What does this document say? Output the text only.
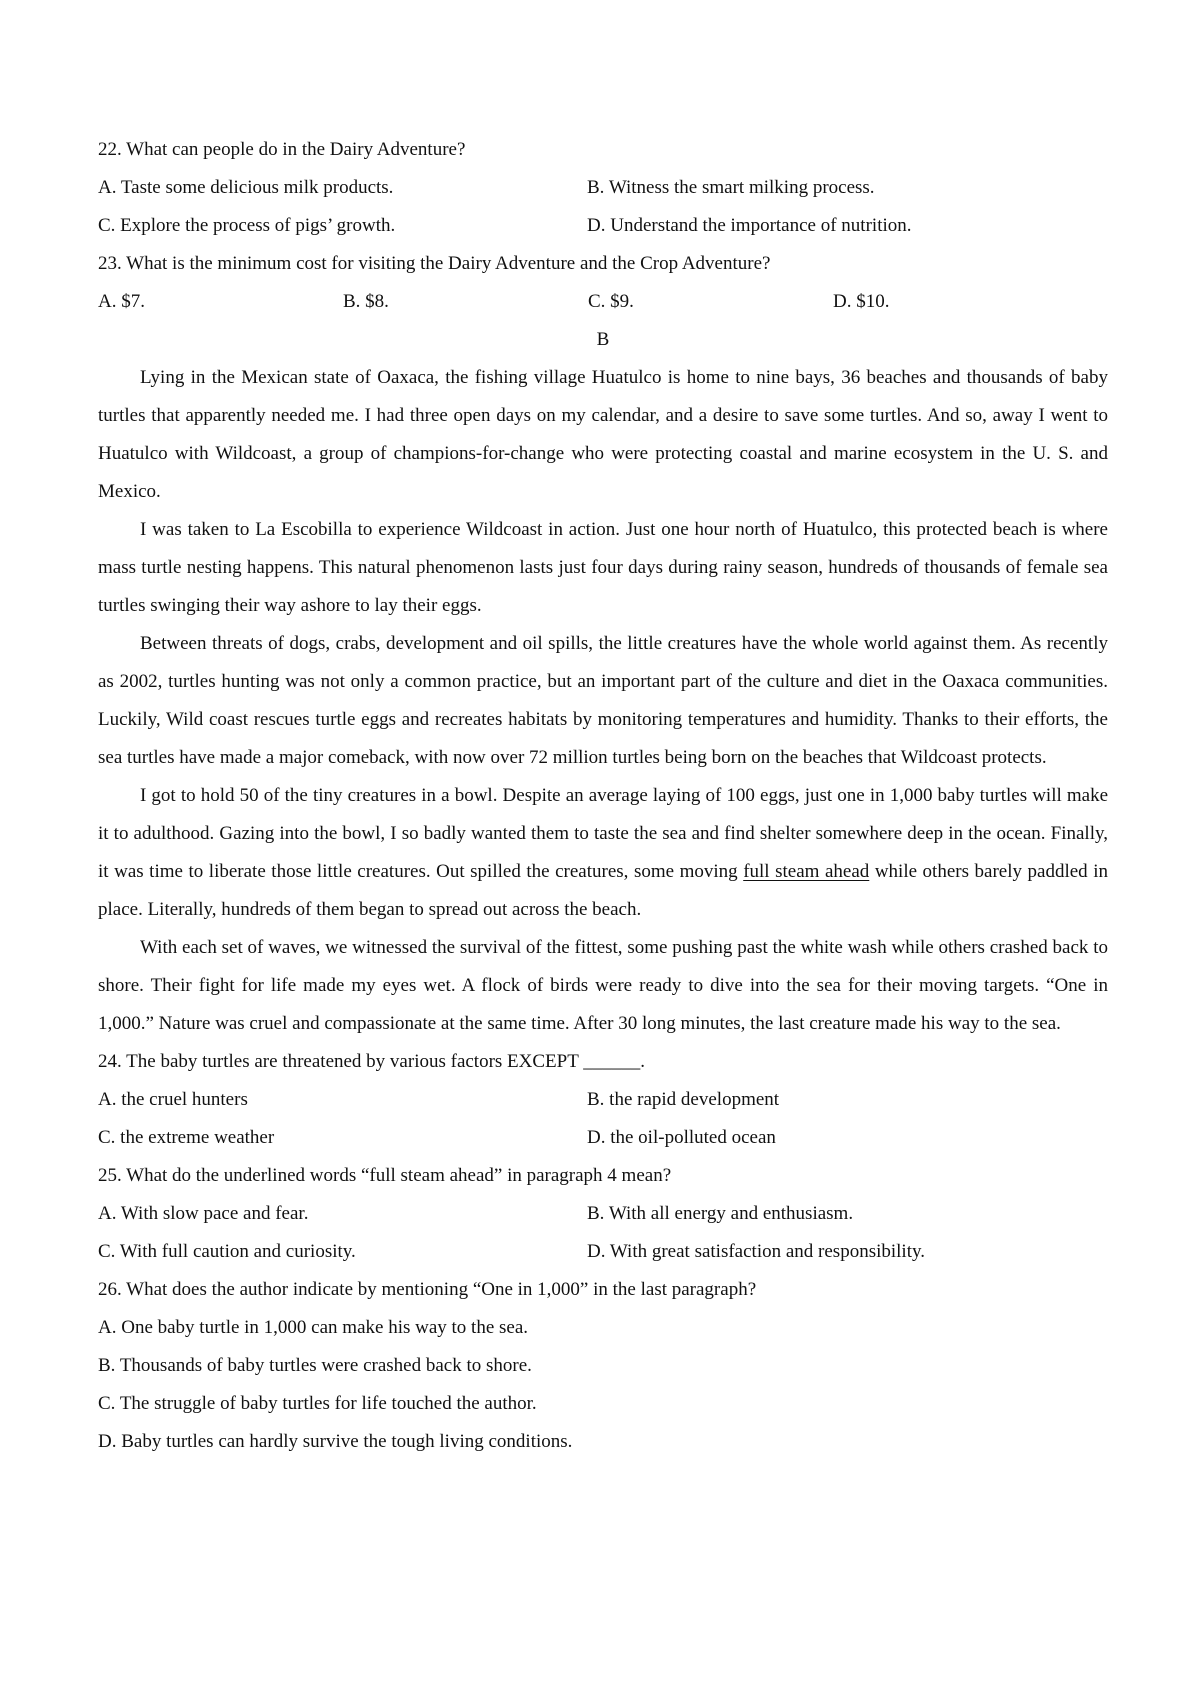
22. What can people do in the Dairy Adventure?
A. Taste some delicious milk products.	B. Witness the smart milking process.
C. Explore the process of pigs’ growth.	D. Understand the importance of nutrition.
23. What is the minimum cost for visiting the Dairy Adventure and the Crop Adventure?
A. $7.	B. $8.	C. $9.	D. $10.
B

Lying in the Mexican state of Oaxaca, the fishing village Huatulco is home to nine bays, 36 beaches and thousands of baby turtles that apparently needed me. I had three open days on my calendar, and a desire to save some turtles. And so, away I went to Huatulco with Wildcoast, a group of champions-for-change who were protecting coastal and marine ecosystem in the U. S. and Mexico.

I was taken to La Escobilla to experience Wildcoast in action. Just one hour north of Huatulco, this protected beach is where mass turtle nesting happens. This natural phenomenon lasts just four days during rainy season, hundreds of thousands of female sea turtles swinging their way ashore to lay their eggs.

Between threats of dogs, crabs, development and oil spills, the little creatures have the whole world against them. As recently as 2002, turtles hunting was not only a common practice, but an important part of the culture and diet in the Oaxaca communities. Luckily, Wild coast rescues turtle eggs and recreates habitats by monitoring temperatures and humidity. Thanks to their efforts, the sea turtles have made a major comeback, with now over 72 million turtles being born on the beaches that Wildcoast protects.

I got to hold 50 of the tiny creatures in a bowl. Despite an average laying of 100 eggs, just one in 1,000 baby turtles will make it to adulthood. Gazing into the bowl, I so badly wanted them to taste the sea and find shelter somewhere deep in the ocean. Finally, it was time to liberate those little creatures. Out spilled the creatures, some moving full steam ahead while others barely paddled in place. Literally, hundreds of them began to spread out across the beach.

With each set of waves, we witnessed the survival of the fittest, some pushing past the white wash while others crashed back to shore. Their fight for life made my eyes wet. A flock of birds were ready to dive into the sea for their moving targets. “One in 1,000.” Nature was cruel and compassionate at the same time. After 30 long minutes, the last creature made his way to the sea.

24. The baby turtles are threatened by various factors EXCEPT ______.
A. the cruel hunters	B. the rapid development
C. the extreme weather	D. the oil-polluted ocean
25. What do the underlined words “full steam ahead” in paragraph 4 mean?
A. With slow pace and fear.	B. With all energy and enthusiasm.
C. With full caution and curiosity.	D. With great satisfaction and responsibility.
26. What does the author indicate by mentioning “One in 1,000” in the last paragraph?
A. One baby turtle in 1,000 can make his way to the sea.
B. Thousands of baby turtles were crashed back to shore.
C. The struggle of baby turtles for life touched the author.
D. Baby turtles can hardly survive the tough living conditions.
